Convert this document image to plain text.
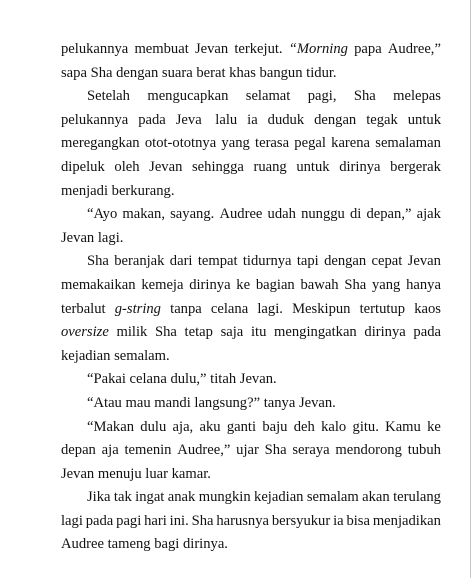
pelukannya membuat Jevan terkejut. “Morning papa Audree,”
sapa Sha dengan suara berat khas bangun tidur.
Setelah mengucapkan selamat pagi, Sha melepas
pelukannya pada Jeva lalu ia duduk dengan tegak untuk
meregangkan otot-ototnya yang terasa pegal karena semalaman
dipeluk oleh Jevan sehingga ruang untuk dirinya bergerak
menjadi berkurang.
“Ayo makan, sayang. Audree udah nunggu di depan,” ajak
Jevan lagi.
Sha beranjak dari tempat tidurnya tapi dengan cepat Jevan
memakaikan kemeja dirinya ke bagian bawah Sha yang hanya
terbalut g-string tanpa celana lagi. Meskipun tertutup kaos
oversize milik Sha tetap saja itu mengingatkan dirinya pada
kejadian semalam.
“Pakai celana dulu,” titah Jevan.
“Atau mau mandi langsung?” tanya Jevan.
“Makan dulu aja, aku ganti baju deh kalo gitu. Kamu ke
depan aja temenin Audree,” ujar Sha seraya mendorong tubuh
Jevan menuju luar kamar.
Jika tak ingat anak mungkin kejadian semalam akan terulang
lagi pada pagi hari ini. Sha harusnya bersyukur ia bisa menjadikan
Audree tameng bagi dirinya.
